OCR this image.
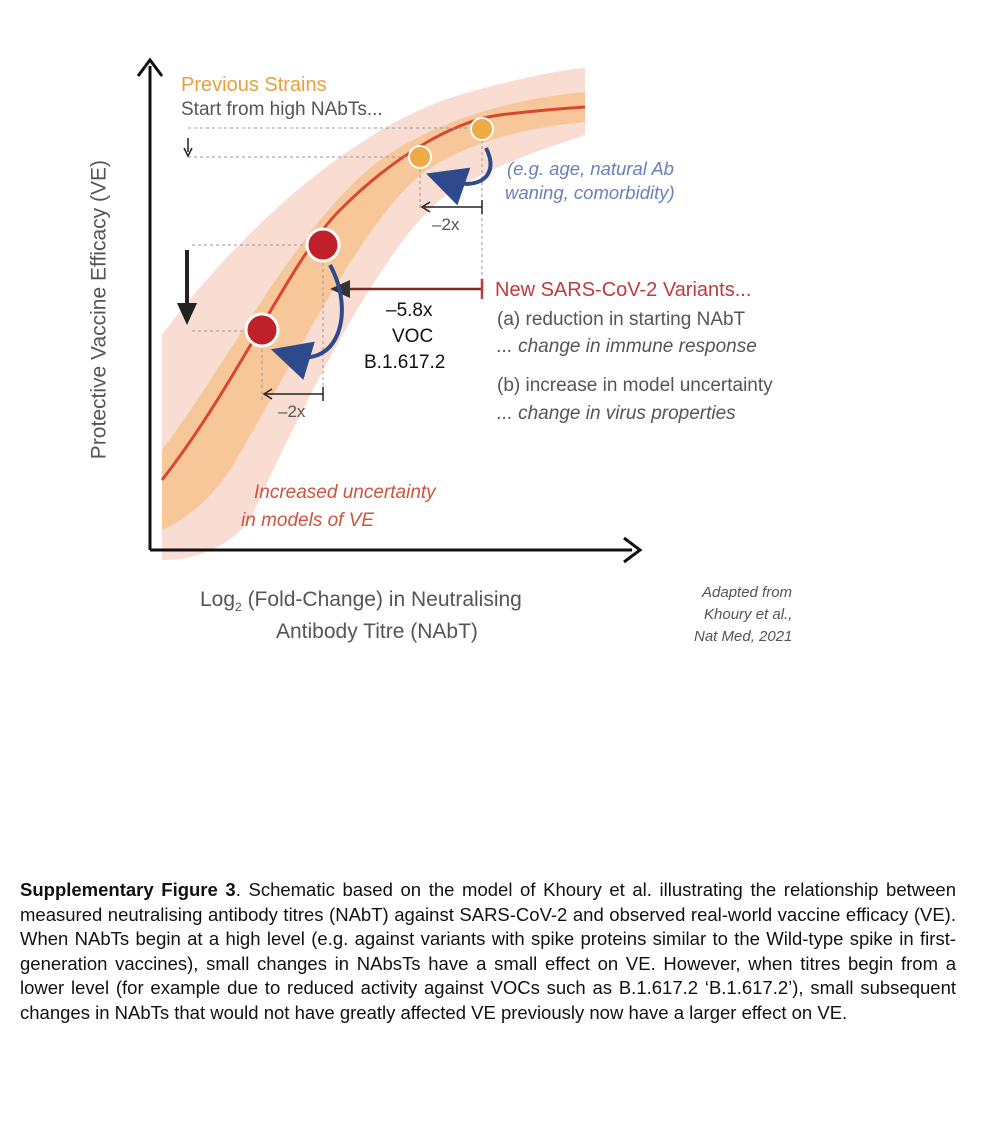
Protective Vaccine Efficacy (VE)
Previous Strains
Start from high NAbTs...
(e.g. age, natural Ab
waning, comorbidity)
–2x
–2x
–5.8x
VOC
B.1.617.2
New SARS-CoV-2 Variants...
(a) reduction in starting NAbT
... change in immune response
(b) increase in model uncertainty
... change in virus properties
Increased uncertainty
in models of VE
Log$_2$ (Fold-Change) in Neutralising
Antibody Titre (NAbT)
Adapted from
Khoury et al.,
Nat Med, 2021
Supplementary Figure 3. Schematic based on the model of Khoury et al. illustrating the relationship between measured neutralising antibody titres (NAbT) against SARS-CoV-2 and observed real-world vaccine efficacy (VE). When NAbTs begin at a high level (e.g. against variants with spike proteins similar to the Wild-type spike in first-generation vaccines), small changes in NAbsTs have a small effect on VE. However, when titres begin from a lower level (for example due to reduced activity against VOCs such as B.1.617.2 ‘B.1.617.2’), small subsequent changes in NAbTs that would not have greatly affected VE previously now have a larger effect on VE.
